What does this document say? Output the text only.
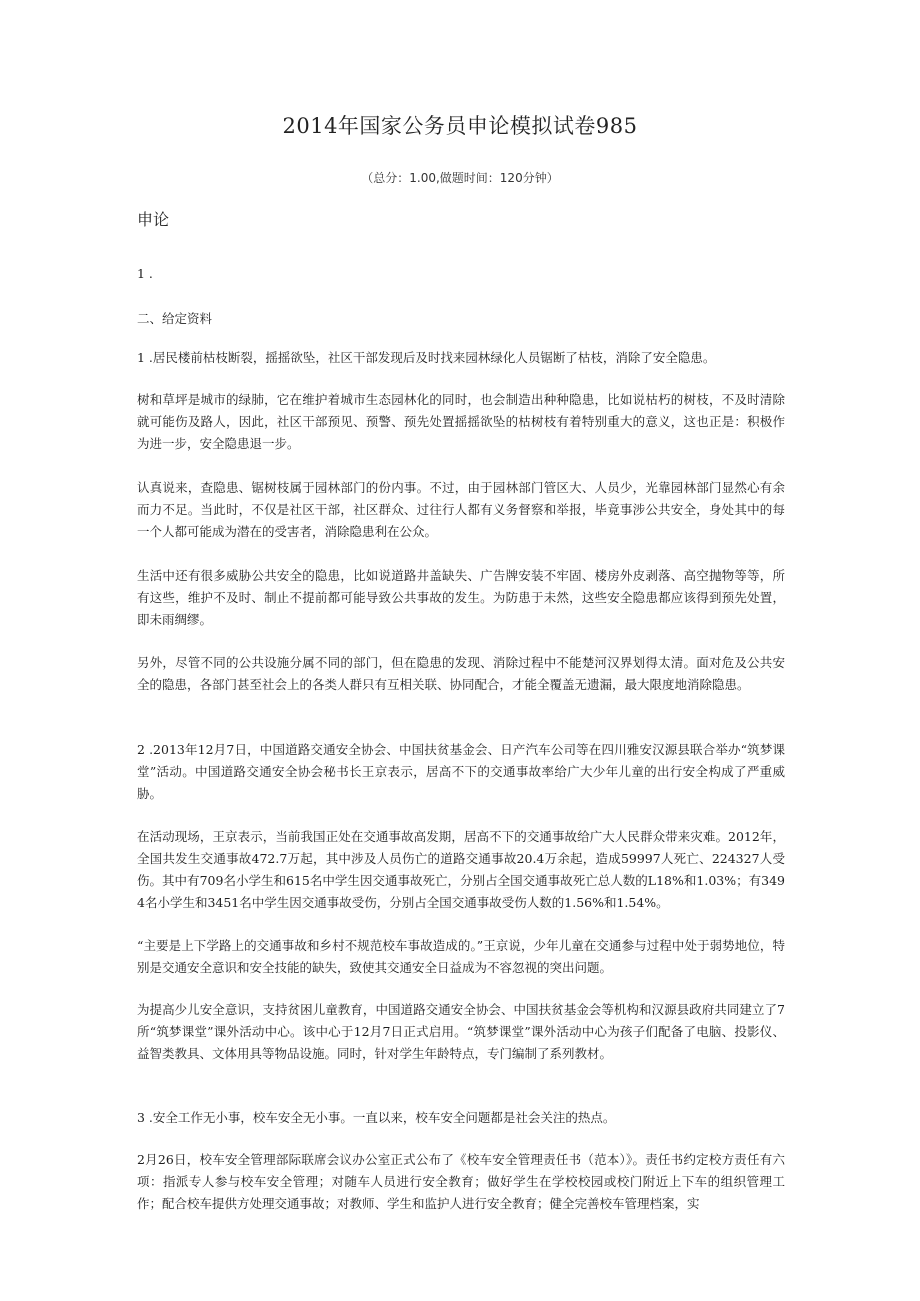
2014年国家公务员申论模拟试卷985
（总分：1.00,做题时间：120分钟）
申论
1 .
二、给定资料
1 .居民楼前枯枝断裂，摇摇欲坠，社区干部发现后及时找来园林绿化人员锯断了枯枝，消除了安全隐患。
树和草坪是城市的绿肺，它在维护着城市生态园林化的同时，也会制造出种种隐患，比如说枯朽的树枝，不及时清除就可能伤及路人，因此，社区干部预见、预警、预先处置摇摇欲坠的枯树枝有着特别重大的意义，这也正是：积极作为进一步，安全隐患退一步。
认真说来，查隐患、锯树枝属于园林部门的份内事。不过，由于园林部门管区大、人员少，光靠园林部门显然心有余而力不足。当此时，不仅是社区干部，社区群众、过往行人都有义务督察和举报，毕竟事涉公共安全，身处其中的每一个人都可能成为潜在的受害者，消除隐患利在公众。
生活中还有很多威胁公共安全的隐患，比如说道路井盖缺失、广告牌安装不牢固、楼房外皮剥落、高空抛物等等，所有这些，维护不及时、制止不提前都可能导致公共事故的发生。为防患于未然，这些安全隐患都应该得到预先处置，即未雨绸缪。
另外，尽管不同的公共设施分属不同的部门，但在隐患的发现、消除过程中不能楚河汉界划得太清。面对危及公共安全的隐患，各部门甚至社会上的各类人群只有互相关联、协同配合，才能全覆盖无遗漏，最大限度地消除隐患。
2 .2013年12月7日，中国道路交通安全协会、中国扶贫基金会、日产汽车公司等在四川雅安汉源县联合举办“筑梦课堂”活动。中国道路交通安全协会秘书长王京表示，居高不下的交通事故率给广大少年儿童的出行安全构成了严重威胁。
在活动现场，王京表示，当前我国正处在交通事故高发期，居高不下的交通事故给广大人民群众带来灾难。2012年，全国共发生交通事故472.7万起，其中涉及人员伤亡的道路交通事故20.4万余起，造成59997人死亡、224327人受伤。其中有709名小学生和615名中学生因交通事故死亡，分别占全国交通事故死亡总人数的L18%和1.03%；有3494名小学生和3451名中学生因交通事故受伤，分别占全国交通事故受伤人数的1.56%和1.54%。
“主要是上下学路上的交通事故和乡村不规范校车事故造成的。”王京说，少年儿童在交通参与过程中处于弱势地位，特别是交通安全意识和安全技能的缺失，致使其交通安全日益成为不容忽视的突出问题。
为提高少儿安全意识，支持贫困儿童教育，中国道路交通安全协会、中国扶贫基金会等机构和汉源县政府共同建立了7所“筑梦课堂”课外活动中心。该中心于12月7日正式启用。“筑梦课堂”课外活动中心为孩子们配备了电脑、投影仪、益智类教具、文体用具等物品设施。同时，针对学生年龄特点，专门编制了系列教材。
3 .安全工作无小事，校车安全无小事。一直以来，校车安全问题都是社会关注的热点。
2月26日，校车安全管理部际联席会议办公室正式公布了《校车安全管理责任书（范本）》。责任书约定校方责任有六项：指派专人参与校车安全管理；对随车人员进行安全教育；做好学生在学校校园或校门附近上下车的组织管理工作；配合校车提供方处理交通事故；对教师、学生和监护人进行安全教育；健全完善校车管理档案，实
